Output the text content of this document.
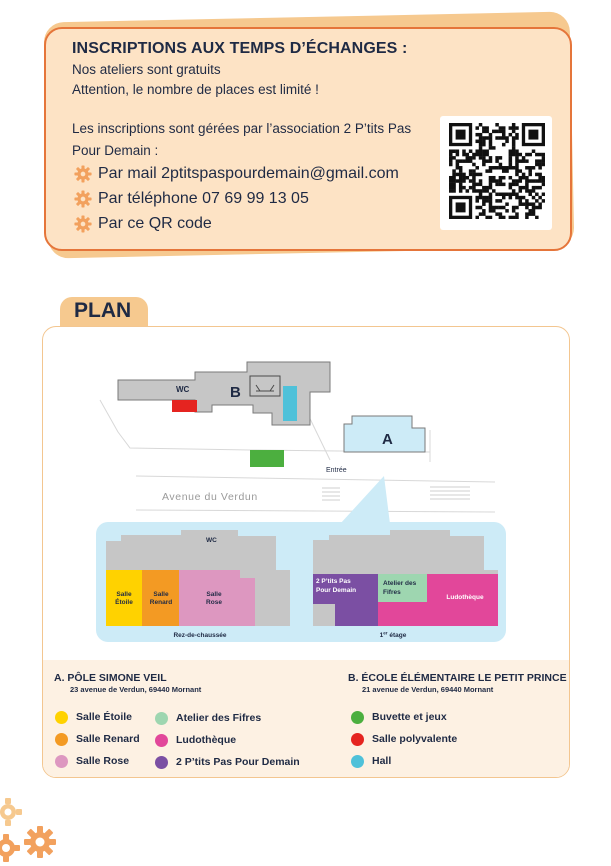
INSCRIPTIONS AUX TEMPS D’ÉCHANGES :
Nos ateliers sont gratuits
Attention, le nombre de places est limité !
Les inscriptions sont gérées par l’association 2 P’tits Pas
Pour Demain :
Par mail 2ptitspaspourdemain@gmail.com
Par téléphone 07 69 99 13 05
Par ce QR code
PLAN
WC	B
A
Entrée
Avenue du Verdun
WC
Salle
Étoile
Salle
Renard
Salle
Rose
Rez-de-chaussée
2 P’tits Pas
Pour Demain
Atelier des
Fifres
Ludothèque
1er étage
A. PÔLE SIMONE VEIL
23 avenue de Verdun, 69440 Mornant
B. ÉCOLE ÉLÉMENTAIRE LE PETIT PRINCE
21 avenue de Verdun, 69440 Mornant
Salle Étoile
Salle Renard
Salle Rose
Atelier des Fifres
Ludothèque
2 P’tits Pas Pour Demain
Buvette et jeux
Salle polyvalente
Hall
